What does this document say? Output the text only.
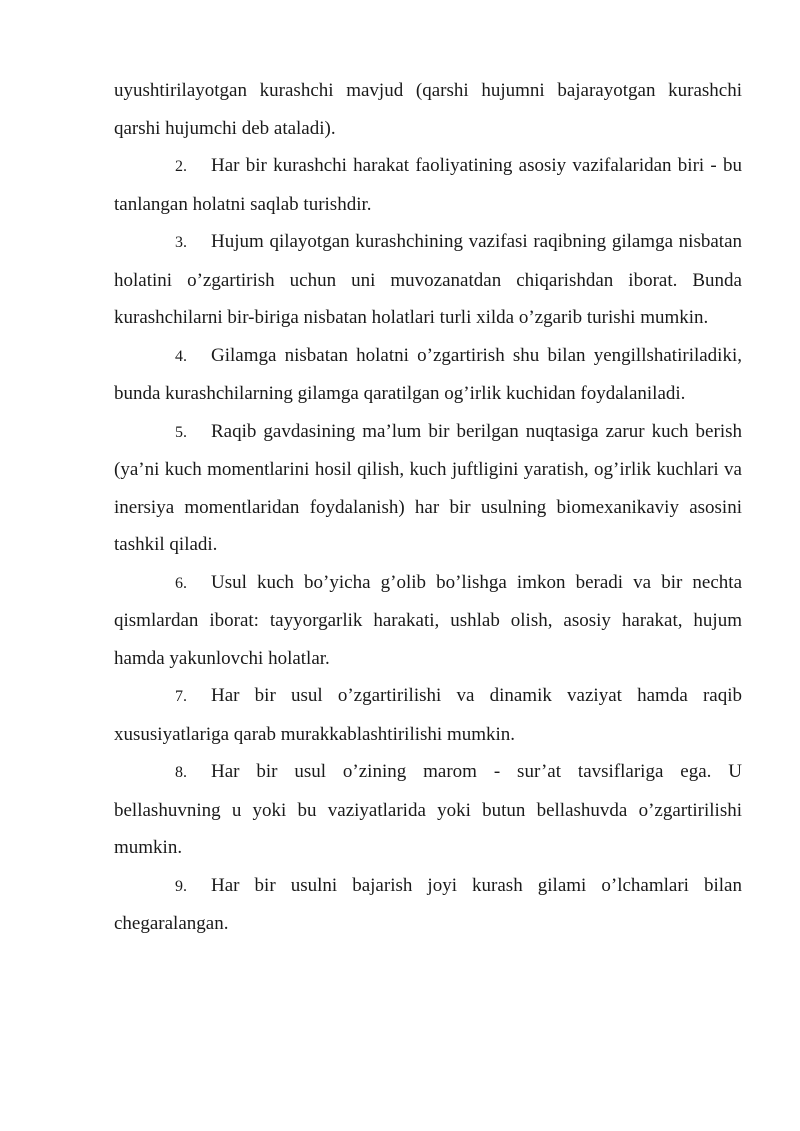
uyushtirilayotgan kurashchi mavjud (qarshi hujumni bajarayotgan kurashchi qarshi hujumchi deb ataladi).

2. Har bir kurashchi harakat faoliyatining asosiy vazifalaridan biri - bu tanlangan holatni saqlab turishdir.

3. Hujum qilayotgan kurashchining vazifasi raqibning gilamga nisbatan holatini o’zgartirish uchun uni muvozanatdan chiqarishdan iborat. Bunda kurashchilarni bir-biriga nisbatan holatlari turli xilda o’zgarib turishi mumkin.

4. Gilamga nisbatan holatni o’zgartirish shu bilan yengillshatiriladiki, bunda kurashchilarning gilamga qaratilgan og’irlik kuchidan foydalaniladi.

5. Raqib gavdasining ma’lum bir berilgan nuqtasiga zarur kuch berish (ya’ni kuch momentlarini hosil qilish, kuch juftligini yaratish, og’irlik kuchlari va inersiya momentlaridan foydalanish) har bir usulning biomexanikaviy asosini tashkil qiladi.

6. Usul kuch bo’yicha g’olib bo’lishga imkon beradi va bir nechta qismlardan iborat: tayyorgarlik harakati, ushlab olish, asosiy harakat, hujum hamda yakunlovchi holatlar.

7. Har bir usul o’zgartirilishi va dinamik vaziyat hamda raqib xususiyatlariga qarab murakkablashtirilishi mumkin.

8. Har bir usul o’zining marom - sur’at tavsiflariga ega. U bellashuvning u yoki bu vaziyatlarida yoki butun bellashuvda o’zgartirilishi mumkin.

9. Har bir usulni bajarish joyi kurash gilami o’lchamlari bilan chegaralangan.
